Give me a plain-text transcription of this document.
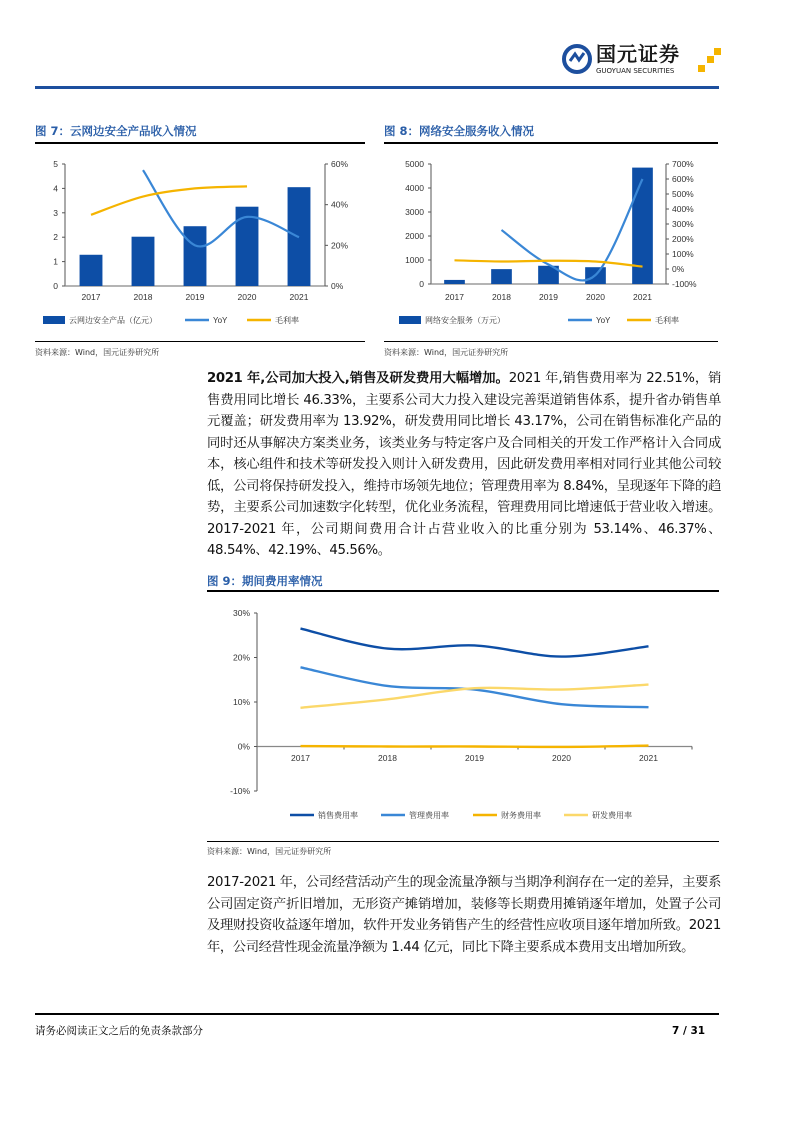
国元证券
GUOYUAN SECURITIES
图 7：云网边安全产品收入情况
0
1
2
3
4
5
0%
20%
40%
60%
2017	2018	2019	2020	2021
云网边安全产品（亿元）	YoY	毛利率
资料来源：Wind，国元证券研究所
图 8：网络安全服务收入情况
0
1000
2000
3000
4000
5000
-100%
0%
100%
200%
300%
400%
500%
600%
700%
2017	2018	2019	2020	2021
网络安全服务（万元）	YoY	毛利率
资料来源：Wind，国元证券研究所
2021 年,公司加大投入,销售及研发费用大幅增加。2021 年,销售费用率为 22.51%，销售费用同比增长 46.33%，主要系公司大力投入建设完善渠道销售体系，提升省办销售单元覆盖；研发费用率为 13.92%，研发费用同比增长 43.17%，公司在销售标准化产品的同时还从事解决方案类业务，该类业务与特定客户及合同相关的开发工作严格计入合同成本，核心组件和技术等研发投入则计入研发费用，因此研发费用率相对同行业其他公司较低，公司将保持研发投入，维持市场领先地位；管理费用率为 8.84%，呈现逐年下降的趋势，主要系公司加速数字化转型，优化业务流程，管理费用同比增速低于营业收入增速。2017-2021 年，公司期间费用合计占营业收入的比重分别为 53.14%、46.37%、48.54%、42.19%、45.56%。
图 9：期间费用率情况
-10%
0%
10%
20%
30%
2017	2018	2019	2020	2021
销售费用率	管理费用率	财务费用率	研发费用率
资料来源：Wind，国元证券研究所
2017-2021 年，公司经营活动产生的现金流量净额与当期净利润存在一定的差异，主要系公司固定资产折旧增加，无形资产摊销增加，装修等长期费用摊销逐年增加，处置子公司及理财投资收益逐年增加，软件开发业务销售产生的经营性应收项目逐年增加所致。2021 年，公司经营性现金流量净额为 1.44 亿元，同比下降主要系成本费用支出增加所致。
请务必阅读正文之后的免责条款部分	7 / 31
